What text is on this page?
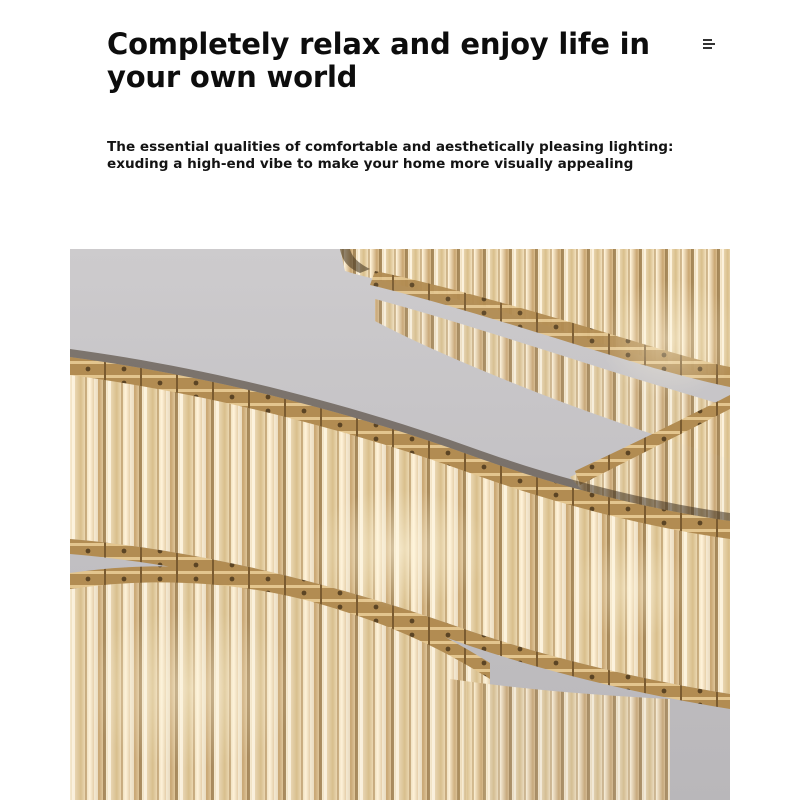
Completely relax and enjoy life in
your own world

The essential qualities of comfortable and aesthetically pleasing lighting:
exuding a high-end vibe to make your home more visually appealing
